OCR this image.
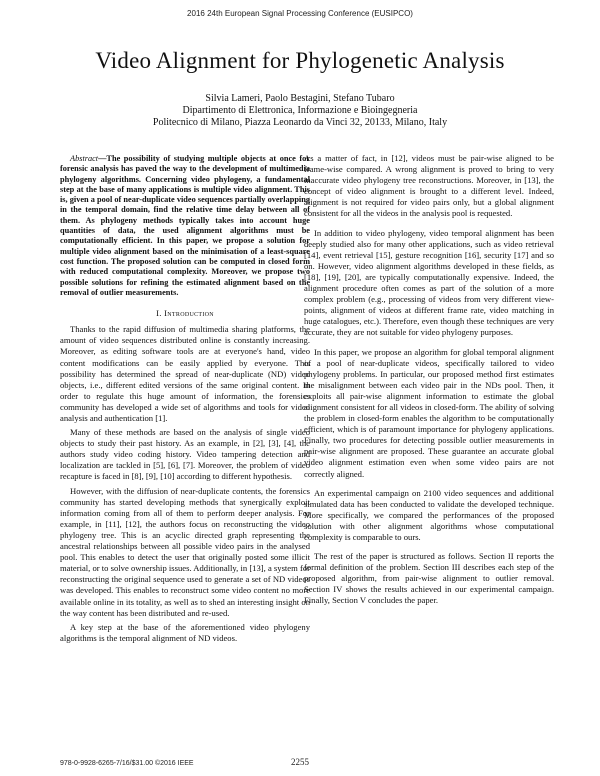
2016 24th European Signal Processing Conference (EUSIPCO)
Video Alignment for Phylogenetic Analysis
Silvia Lameri, Paolo Bestagini, Stefano Tubaro
Dipartimento di Elettronica, Informazione e Bioingegneria
Politecnico di Milano, Piazza Leonardo da Vinci 32, 20133, Milano, Italy

Abstract—The possibility of studying multiple objects at once for forensic analysis has paved the way to the development of multimedia phylogeny algorithms. Concerning video phylogeny, a fundamental step at the base of many applications is multiple video alignment. This is, given a pool of near-duplicate video sequences partially overlapping in the temporal domain, find the relative time delay between all of them. As phylogeny methods typically takes into account huge quantities of data, the used alignment algorithms must be computationally efficient. In this paper, we propose a solution for multiple video alignment based on the minimisation of a least-square cost function. The proposed solution can be computed in closed form with reduced computational complexity. Moreover, we propose two possible solutions for refining the estimated alignment based on the removal of outlier measurements.

I. Introduction

Thanks to the rapid diffusion of multimedia sharing platforms, the amount of video sequences distributed online is constantly increasing. Moreover, as editing software tools are at everyone's hand, video content modifications can be easily applied by everyone. This possibility has determined the spread of near-duplicate (ND) video objects, i.e., different edited versions of the same original content. In order to regulate this huge amount of information, the forensics community has developed a wide set of algorithms and tools for video analysis and authentication [1].

Many of these methods are based on the analysis of single video objects to study their past history. As an example, in [2], [3], [4], the authors study video coding history. Video tampering detection and localization are tackled in [5], [6], [7]. Moreover, the problem of video recapture is faced in [8], [9], [10] according to different hypothesis.

However, with the diffusion of near-duplicate contents, the forensics community has started developing methods that synergically exploit information coming from all of them to perform deeper analysis. For example, in [11], [12], the authors focus on reconstructing the video phylogeny tree. This is an acyclic directed graph representing the ancestral relationships between all possible video pairs in the analysed pool. This enables to detect the user that originally posted some illicit material, or to solve ownership issues. Additionally, in [13], a system for reconstructing the original sequence used to generate a set of ND videos was developed. This enables to reconstruct some video content no more available online in its totality, as well as to shed an interesting insight on the way content has been distributed and re-used.

A key step at the base of the aforementioned video phylogeny algorithms is the temporal alignment of ND videos.

As a matter of fact, in [12], videos must be pair-wise aligned to be frame-wise compared. A wrong alignment is proved to bring to very inaccurate video phylogeny tree reconstructions. Moreover, in [13], the concept of video alignment is brought to a different level. Indeed, alignment is not required for video pairs only, but a global alignment consistent for all the videos in the analysis pool is requested.

In addition to video phylogeny, video temporal alignment has been deeply studied also for many other applications, such as video retrieval [14], event retrieval [15], gesture recognition [16], security [17] and so on. However, video alignment algorithms developed in these fields, as [18], [19], [20], are typically computationally expensive. Indeed, the alignment procedure often comes as part of the solution of a more complex problem (e.g., processing of videos from very different view-points, alignment of videos at different frame rate, video matching in huge catalogues, etc.). Therefore, even though these techniques are very accurate, they are not suitable for video phylogeny purposes.

In this paper, we propose an algorithm for global temporal alignment of a pool of near-duplicate videos, specifically tailored to video phylogeny problems. In particular, our proposed method first estimates the misalignment between each video pair in the NDs pool. Then, it exploits all pair-wise alignment information to estimate the global alignment consistent for all videos in closed-form. The ability of solving the problem in closed-form enables the algorithm to be computationally efficient, which is of paramount importance for phylogeny applications. Finally, two procedures for detecting possible outlier measurements in pair-wise alignment are proposed. These guarantee an accurate global video alignment estimation even when some video pairs are not correctly aligned.

An experimental campaign on 2100 video sequences and additional simulated data has been conducted to validate the developed technique. More specifically, we compared the performances of the proposed solution with other alignment algorithms whose computational complexity is comparable to ours.

The rest of the paper is structured as follows. Section II reports the formal definition of the problem. Section III describes each step of the proposed algorithm, from pair-wise alignment to outlier removal. Section IV shows the results achieved in our experimental campaign. Finally, Section V concludes the paper.

978-0-9928-6265-7/16/$31.00 ©2016 IEEE	2255
